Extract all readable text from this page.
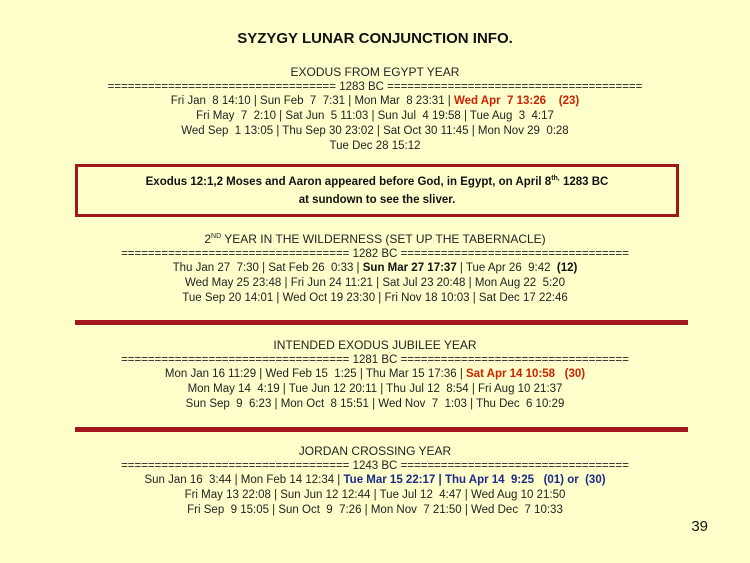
SYZYGY LUNAR CONJUNCTION INFO.
EXODUS FROM EGYPT YEAR
================================== 1283 BC ======================================
Fri Jan  8 14:10 | Sun Feb  7  7:31 | Mon Mar  8 23:31 | Wed Apr  7 13:26    (23)
Fri May  7  2:10 | Sat Jun  5 11:03 | Sun Jul  4 19:58 | Tue Aug  3  4:17
Wed Sep  1 13:05 | Thu Sep 30 23:02 | Sat Oct 30 11:45 | Mon Nov 29  0:28
Tue Dec 28 15:12
Exodus 12:1,2 Moses and Aaron appeared before God, in Egypt, on April $8^{th,}$ 1283 BC
at sundown to see the sliver.
2ND YEAR IN THE WILDERNESS (SET UP THE TABERNACLE)
================================== 1282 BC ==================================
Thu Jan 27  7:30 | Sat Feb 26  0:33 | Sun Mar 27 17:37 | Tue Apr 26  9:42  (12)
Wed May 25 23:48 | Fri Jun 24 11:21 | Sat Jul 23 20:48 | Mon Aug 22  5:20
Tue Sep 20 14:01 | Wed Oct 19 23:30 | Fri Nov 18 10:03 | Sat Dec 17 22:46
INTENDED EXODUS JUBILEE YEAR
================================== 1281 BC ==================================
Mon Jan 16 11:29 | Wed Feb 15  1:25 | Thu Mar 15 17:36 | Sat Apr 14 10:58   (30)
Mon May 14  4:19 | Tue Jun 12 20:11 | Thu Jul 12  8:54 | Fri Aug 10 21:37
Sun Sep  9  6:23 | Mon Oct  8 15:51 | Wed Nov  7  1:03 | Thu Dec  6 10:29
JORDAN CROSSING YEAR
================================== 1243 BC ==================================
Sun Jan 16  3:44 | Mon Feb 14 12:34 | Tue Mar 15 22:17 | Thu Apr 14  9:25   (01) or  (30)
Fri May 13 22:08 | Sun Jun 12 12:44 | Tue Jul 12  4:47 | Wed Aug 10 21:50
Fri Sep  9 15:05 | Sun Oct  9  7:26 | Mon Nov  7 21:50 | Wed Dec  7 10:33
39
